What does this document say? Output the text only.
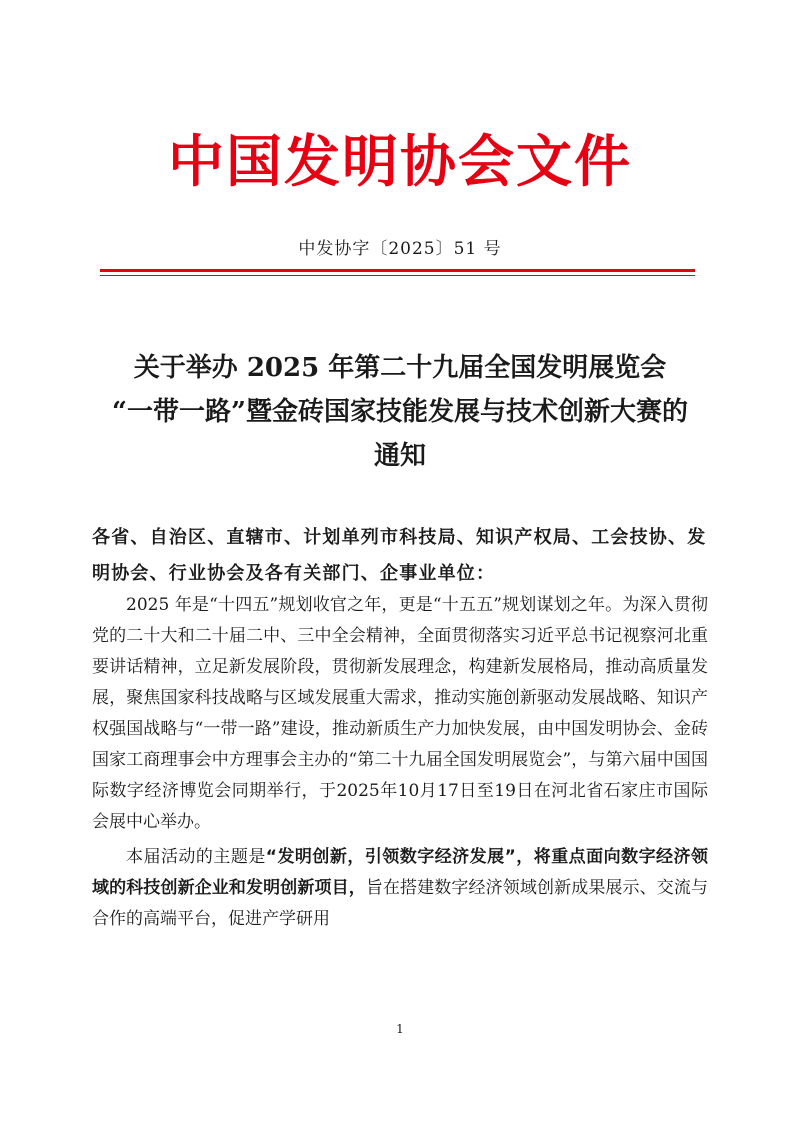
中国发明协会文件
中发协字〔2025〕51 号
关于举办 2025 年第二十九届全国发明展览会
“一带一路”暨金砖国家技能发展与技术创新大赛的
通知
各省、自治区、直辖市、计划单列市科技局、知识产权局、工会技协、发明协会、行业协会及各有关部门、企事业单位：

2025 年是“十四五”规划收官之年，更是“十五五”规划谋划之年。为深入贯彻党的二十大和二十届二中、三中全会精神，全面贯彻落实习近平总书记视察河北重要讲话精神，立足新发展阶段，贯彻新发展理念，构建新发展格局，推动高质量发展，聚焦国家科技战略与区域发展重大需求，推动实施创新驱动发展战略、知识产权强国战略与“一带一路”建设，推动新质生产力加快发展，由中国发明协会、金砖国家工商理事会中方理事会主办的“第二十九届全国发明展览会”，与第六届中国国际数字经济博览会同期举行，于2025年10月17日至19日在河北省石家庄市国际会展中心举办。

本届活动的主题是“发明创新，引领数字经济发展”，将重点面向数字经济领域的科技创新企业和发明创新项目，旨在搭建数字经济领域创新成果展示、交流与合作的高端平台，促进产学研用

1
